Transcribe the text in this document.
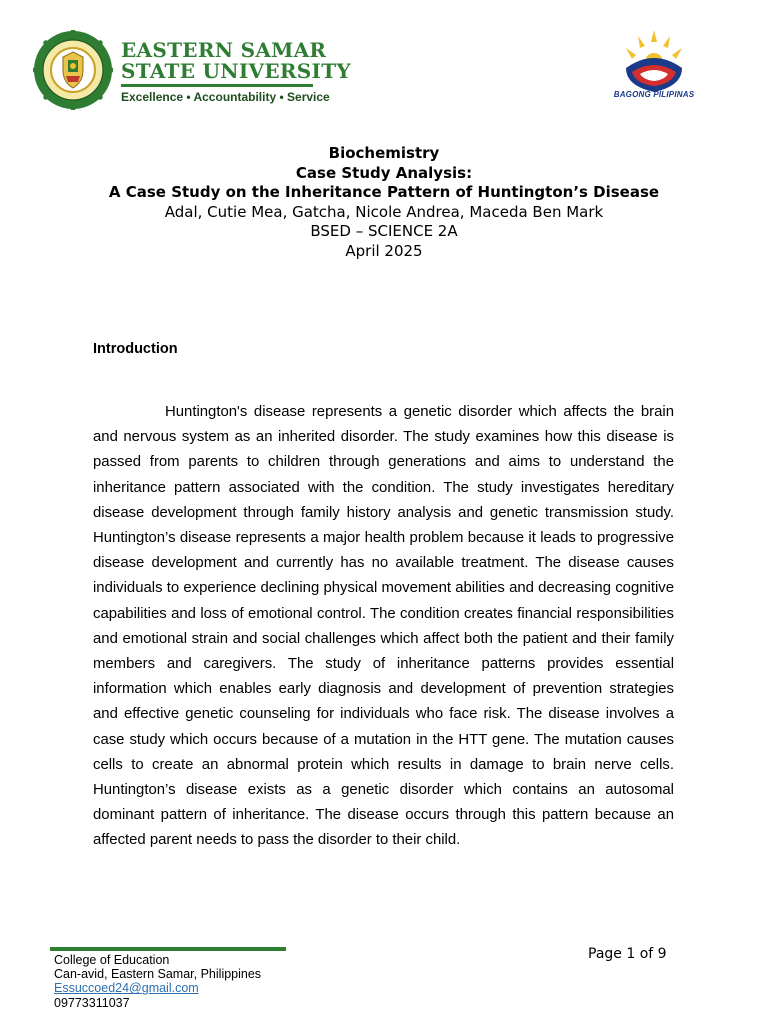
EASTERN SAMAR
STATE UNIVERSITY
Excellence • Accountability • Service	BAGONG PILIPINAS
Biochemistry
Case Study Analysis:
A Case Study on the Inheritance Pattern of Huntington’s Disease
Adal, Cutie Mea, Gatcha, Nicole Andrea, Maceda Ben Mark
BSED – SCIENCE 2A
April 2025
Introduction

Huntington's disease represents a genetic disorder which affects the brain and nervous system as an inherited disorder. The study examines how this disease is passed from parents to children through generations and aims to understand the inheritance pattern associated with the condition. The study investigates hereditary disease development through family history analysis and genetic transmission study. Huntington’s disease represents a major health problem because it leads to progressive disease development and currently has no available treatment. The disease causes individuals to experience declining physical movement abilities and decreasing cognitive capabilities and loss of emotional control. The condition creates financial responsibilities and emotional strain and social challenges which affect both the patient and their family members and caregivers. The study of inheritance patterns provides essential information which enables early diagnosis and development of prevention strategies and effective genetic counseling for individuals who face risk. The disease involves a case study which occurs because of a mutation in the HTT gene. The mutation causes cells to create an abnormal protein which results in damage to brain nerve cells. Huntington’s disease exists as a genetic disorder which contains an autosomal dominant pattern of inheritance. The disease occurs through this pattern because an affected parent needs to pass the disorder to their child.

College of Education
Can-avid, Eastern Samar, Philippines
Essuccoed24@gmail.com
09773311037
Page 1 of 9
